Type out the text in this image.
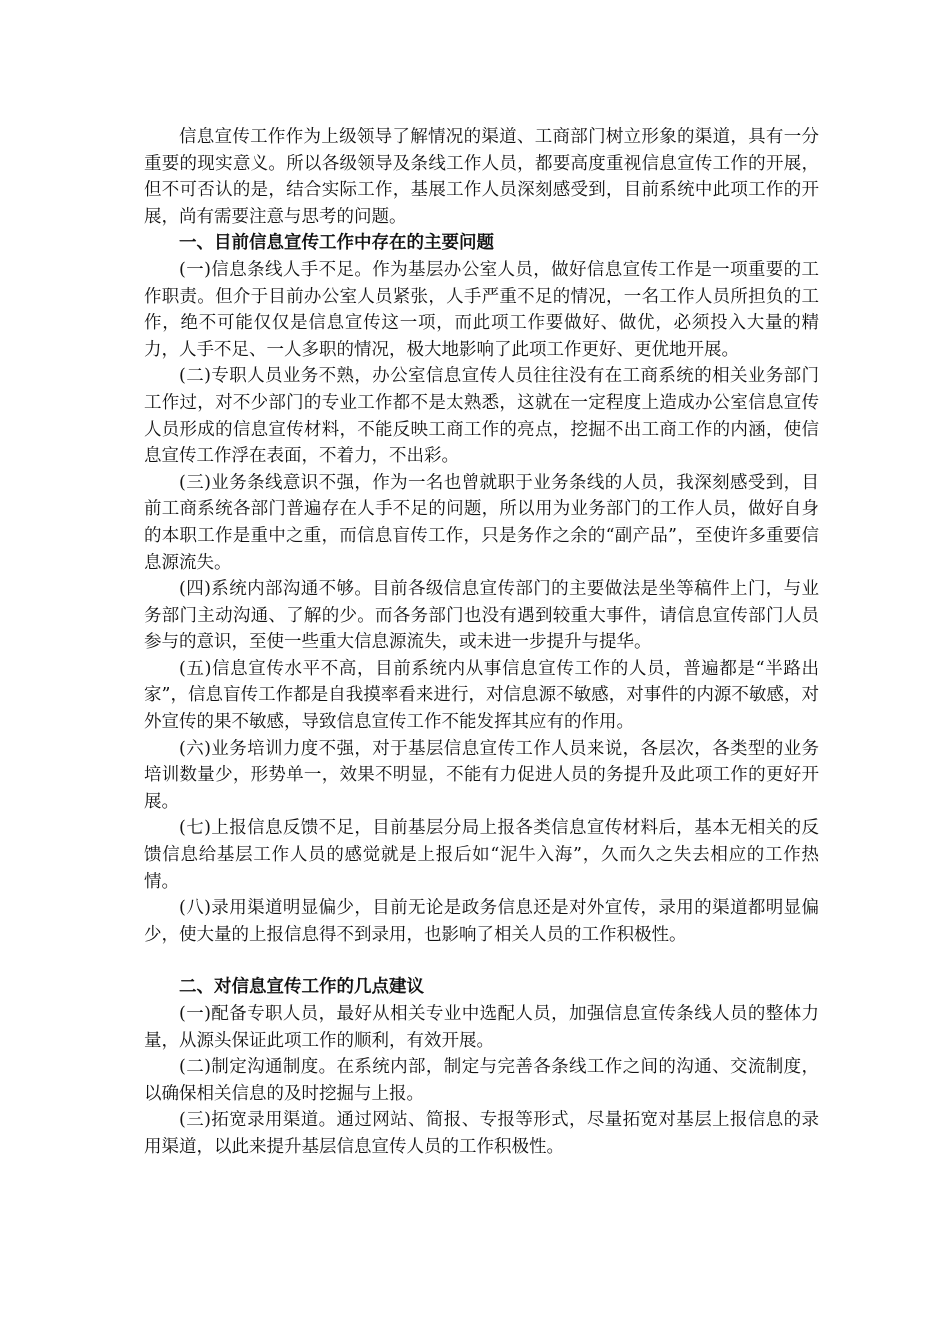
信息宣传工作作为上级领导了解情况的渠道、工商部门树立形象的渠道，具有一分重要的现实意义。所以各级领导及条线工作人员，都要高度重视信息宣传工作的开展，但不可否认的是，结合实际工作，基展工作人员深刻感受到，目前系统中此项工作的开展，尚有需要注意与思考的问题。

一、目前信息宣传工作中存在的主要问题

(一)信息条线人手不足。作为基层办公室人员，做好信息宣传工作是一项重要的工作职责。但介于目前办公室人员紧张，人手严重不足的情况，一名工作人员所担负的工作，绝不可能仅仅是信息宣传这一项，而此项工作要做好、做优，必须投入大量的精力，人手不足、一人多职的情况，极大地影响了此项工作更好、更优地开展。

(二)专职人员业务不熟，办公室信息宣传人员往往没有在工商系统的相关业务部门工作过，对不少部门的专业工作都不是太熟悉，这就在一定程度上造成办公室信息宣传人员形成的信息宣传材料，不能反映工商工作的亮点，挖掘不出工商工作的内涵，使信息宣传工作浮在表面，不着力，不出彩。

(三)业务条线意识不强，作为一名也曾就职于业务条线的人员，我深刻感受到，目前工商系统各部门普遍存在人手不足的问题，所以用为业务部门的工作人员，做好自身的本职工作是重中之重，而信息盲传工作，只是务作之余的“副产品”，至使许多重要信息源流失。

(四)系统内部沟通不够。目前各级信息宣传部门的主要做法是坐等稿件上门，与业务部门主动沟通、了解的少。而各务部门也没有遇到较重大事件，请信息宣传部门人员参与的意识，至使一些重大信息源流失，或未进一步提升与提华。

(五)信息宣传水平不高，目前系统内从事信息宣传工作的人员，普遍都是“半路出家”，信息盲传工作都是自我摸率看来进行，对信息源不敏感，对事件的内源不敏感，对外宣传的果不敏感，导致信息宣传工作不能发挥其应有的作用。

(六)业务培训力度不强，对于基层信息宣传工作人员来说，各层次，各类型的业务培训数量少，形势单一，效果不明显，不能有力促进人员的务提升及此项工作的更好开展。

(七)上报信息反馈不足，目前基层分局上报各类信息宣传材料后，基本无相关的反馈信息给基层工作人员的感觉就是上报后如“泥牛入海”，久而久之失去相应的工作热情。

(八)录用渠道明显偏少，目前无论是政务信息还是对外宣传，录用的渠道都明显偏少，使大量的上报信息得不到录用，也影响了相关人员的工作积极性。

二、对信息宣传工作的几点建议

(一)配备专职人员，最好从相关专业中选配人员，加强信息宣传条线人员的整体力量，从源头保证此项工作的顺利，有效开展。

(二)制定沟通制度。在系统内部，制定与完善各条线工作之间的沟通、交流制度，以确保相关信息的及时挖掘与上报。

(三)拓宽录用渠道。通过网站、简报、专报等形式，尽量拓宽对基层上报信息的录用渠道，以此来提升基层信息宣传人员的工作积极性。
